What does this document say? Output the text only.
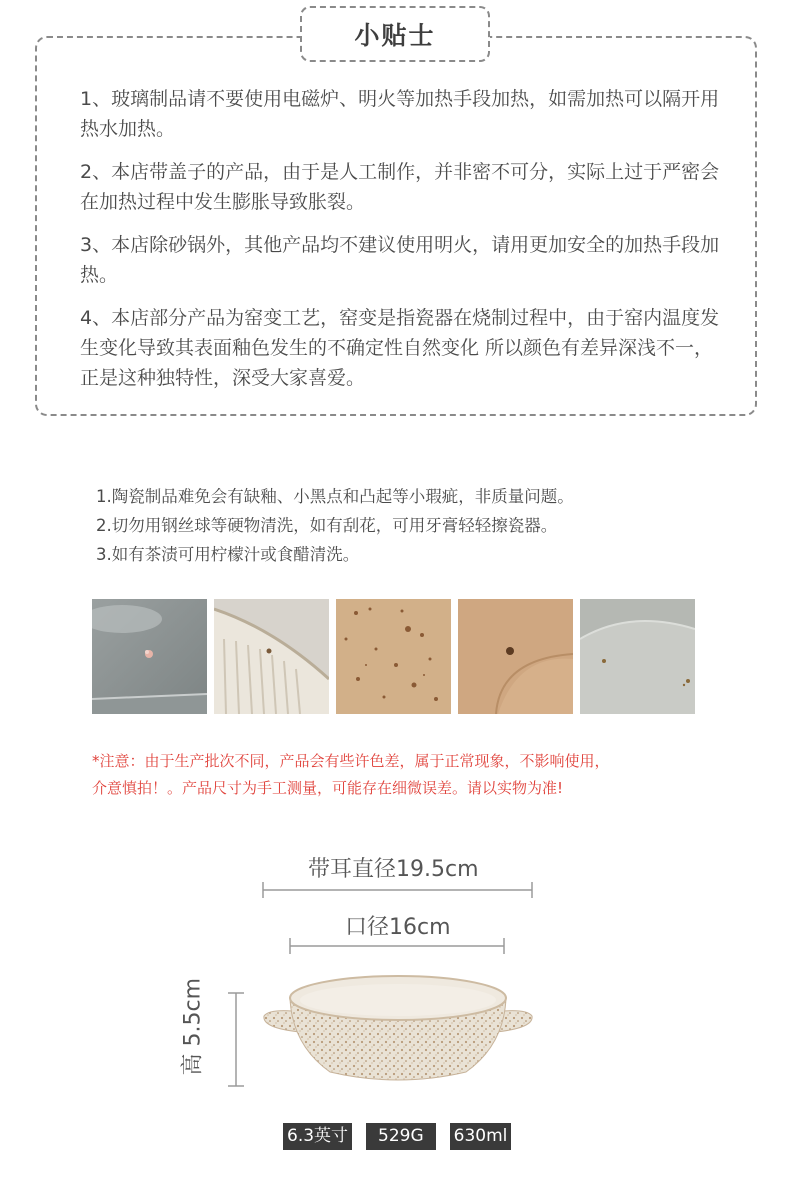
小贴士

1、玻璃制品请不要使用电磁炉、明火等加热手段加热，如需加热可以隔开用热水加热。

2、本店带盖子的产品，由于是人工制作，并非密不可分，实际上过于严密会在加热过程中发生膨胀导致胀裂。

3、本店除砂锅外，其他产品均不建议使用明火，请用更加安全的加热手段加热。

4、本店部分产品为窑变工艺，窑变是指瓷器在烧制过程中，由于窑内温度发生变化导致其表面釉色发生的不确定性自然变化 所以颜色有差异深浅不一，正是这种独特性，深受大家喜爱。

1.陶瓷制品难免会有缺釉、小黑点和凸起等小瑕疵，非质量问题。

2.切勿用钢丝球等硬物清洗，如有刮花，可用牙膏轻轻擦瓷器。

3.如有茶渍可用柠檬汁或食醋清洗。

*注意：由于生产批次不同，产品会有些许色差，属于正常现象，不影响使用，

介意慎拍！。产品尺寸为手工测量，可能存在细微误差。请以实物为准!

带耳直径19.5cm
口径16cm
高 5.5cm
6.3英寸	529G	630ml
